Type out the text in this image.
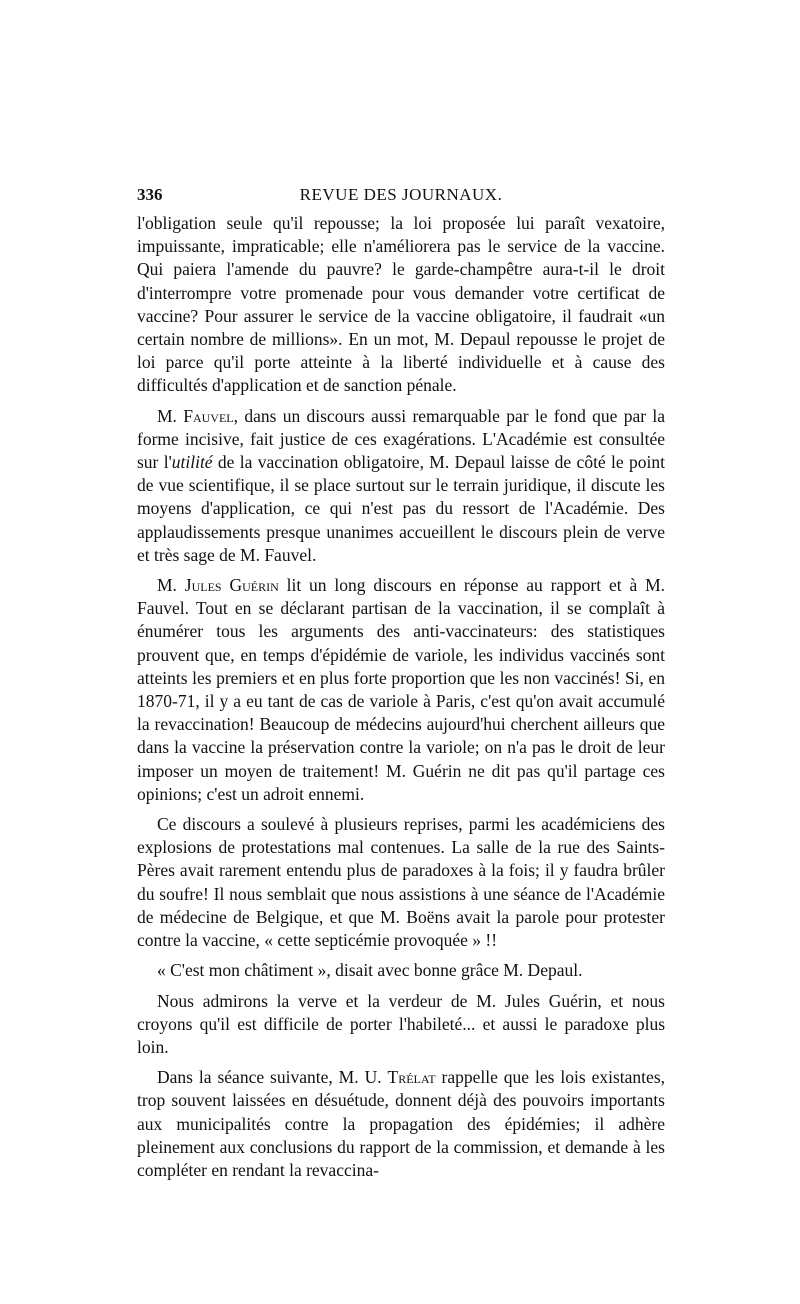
336	REVUE DES JOURNAUX.

l'obligation seule qu'il repousse; la loi proposée lui paraît vexatoire, impuissante, impraticable; elle n'améliorera pas le service de la vaccine. Qui paiera l'amende du pauvre? le garde-champêtre aura-t-il le droit d'interrompre votre promenade pour vous demander votre certificat de vaccine? Pour assurer le service de la vaccine obligatoire, il faudrait «un certain nombre de millions». En un mot, M. Depaul repousse le projet de loi parce qu'il porte atteinte à la liberté individuelle et à cause des difficultés d'application et de sanction pénale.

M. Fauvel, dans un discours aussi remarquable par le fond que par la forme incisive, fait justice de ces exagérations. L'Académie est consultée sur l'utilité de la vaccination obligatoire, M. Depaul laisse de côté le point de vue scientifique, il se place surtout sur le terrain juridique, il discute les moyens d'application, ce qui n'est pas du ressort de l'Académie. Des applaudissements presque unanimes accueillent le discours plein de verve et très sage de M. Fauvel.

M. Jules Guérin lit un long discours en réponse au rapport et à M. Fauvel. Tout en se déclarant partisan de la vaccination, il se complaît à énumérer tous les arguments des anti-vaccinateurs: des statistiques prouvent que, en temps d'épidémie de variole, les individus vaccinés sont atteints les premiers et en plus forte proportion que les non vaccinés! Si, en 1870-71, il y a eu tant de cas de variole à Paris, c'est qu'on avait accumulé la revaccination! Beaucoup de médecins aujourd'hui cherchent ailleurs que dans la vaccine la préservation contre la variole; on n'a pas le droit de leur imposer un moyen de traitement! M. Guérin ne dit pas qu'il partage ces opinions; c'est un adroit ennemi.

Ce discours a soulevé à plusieurs reprises, parmi les académiciens des explosions de protestations mal contenues. La salle de la rue des Saints-Pères avait rarement entendu plus de paradoxes à la fois; il y faudra brûler du soufre! Il nous semblait que nous assistions à une séance de l'Académie de médecine de Belgique, et que M. Boëns avait la parole pour protester contre la vaccine, « cette septicémie provoquée » !!

« C'est mon châtiment », disait avec bonne grâce M. Depaul.

Nous admirons la verve et la verdeur de M. Jules Guérin, et nous croyons qu'il est difficile de porter l'habileté... et aussi le paradoxe plus loin.

Dans la séance suivante, M. U. Trélat rappelle que les lois existantes, trop souvent laissées en désuétude, donnent déjà des pouvoirs importants aux municipalités contre la propagation des épidémies; il adhère pleinement aux conclusions du rapport de la commission, et demande à les compléter en rendant la revaccina-
